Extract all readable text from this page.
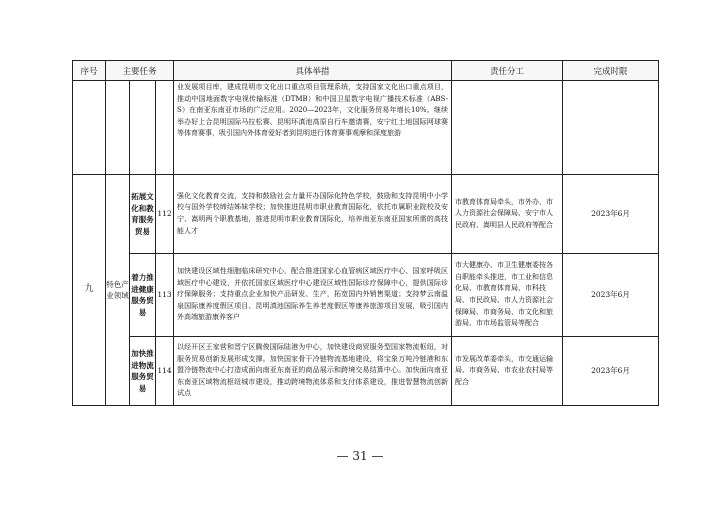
序号	主要任务			具体举措	责任分工	完成时限
				业发展项目库，建成昆明市文化出口重点项目管理系统，支持国家文化出口重点项目，推动中国地面数字电视传输标准（DTMB）和中国卫星数字电视广播技术标准（ABS-S）在南亚东南亚市场的广泛应用。2020—2023年，文化服务贸易年增长10%。继续举办好上合昆明国际马拉松赛、昆明环滇池高原自行车邀请赛，安宁红土地国际网球赛等体育赛事，吸引国内外体育爱好者到昆明进行体育赛事观摩和深度旅游		
九	特色产业领域	拓展文化和教育服务贸易	112	强化文化教育交流，支持和鼓励社会力量开办国际化特色学校，鼓励和支持昆明中小学校与国外学校缔结姊妹学校；加快推进昆明市职业教育国际化，依托市属职业院校及安宁、嵩明两个职教基地，推进昆明市职业教育国际化，培养南亚东南亚国家所需的高技能人才	市教育体育局牵头，市外办、市人力资源社会保障局、安宁市人民政府、嵩明县人民政府等配合	2023年6月
		着力推进健康服务贸易	113	加快建设区域性细胞临床研究中心，配合推进国家心血管病区域医疗中心、国家呼吸区域医疗中心建设，并依托国家区域医疗中心建设区域性国际诊疗保障中心，提供国际诊疗保障服务；支持重点企业加快产品研发、生产，拓宽国内外销售渠道；支持梦云南温泉国际康养度假区项目、昆明滇池国际养生养老度假区等康养旅游项目发展，吸引国内外高端旅游康养客户	市大健康办、市卫生健康委按各自职能牵头推进，市工业和信息化局、市教育体育局、市科技局、市民政局、市人力资源社会保障局、市商务局、市文化和旅游局、市市场监管局等配合	2023年6月
		加快推进物流服务贸易	114	以经开区王家营和晋宁区腾俊国际陆港为中心，加快建设商贸服务型国家物流枢纽，对服务贸易创新发展形成支撑。加快国家骨干冷链物流基地建设，将宝象万吨冷链港和东盟冷链物流中心打造成面向南亚东南亚的商品展示和跨境交易结算中心。加快面向南亚东南亚区域物流枢纽城市建设，推动跨境物流体系和支付体系建设，推进智慧物流创新试点	市发展改革委牵头，市交通运输局、市商务局、市农业农村局等配合	2023年6月
— 31 —
